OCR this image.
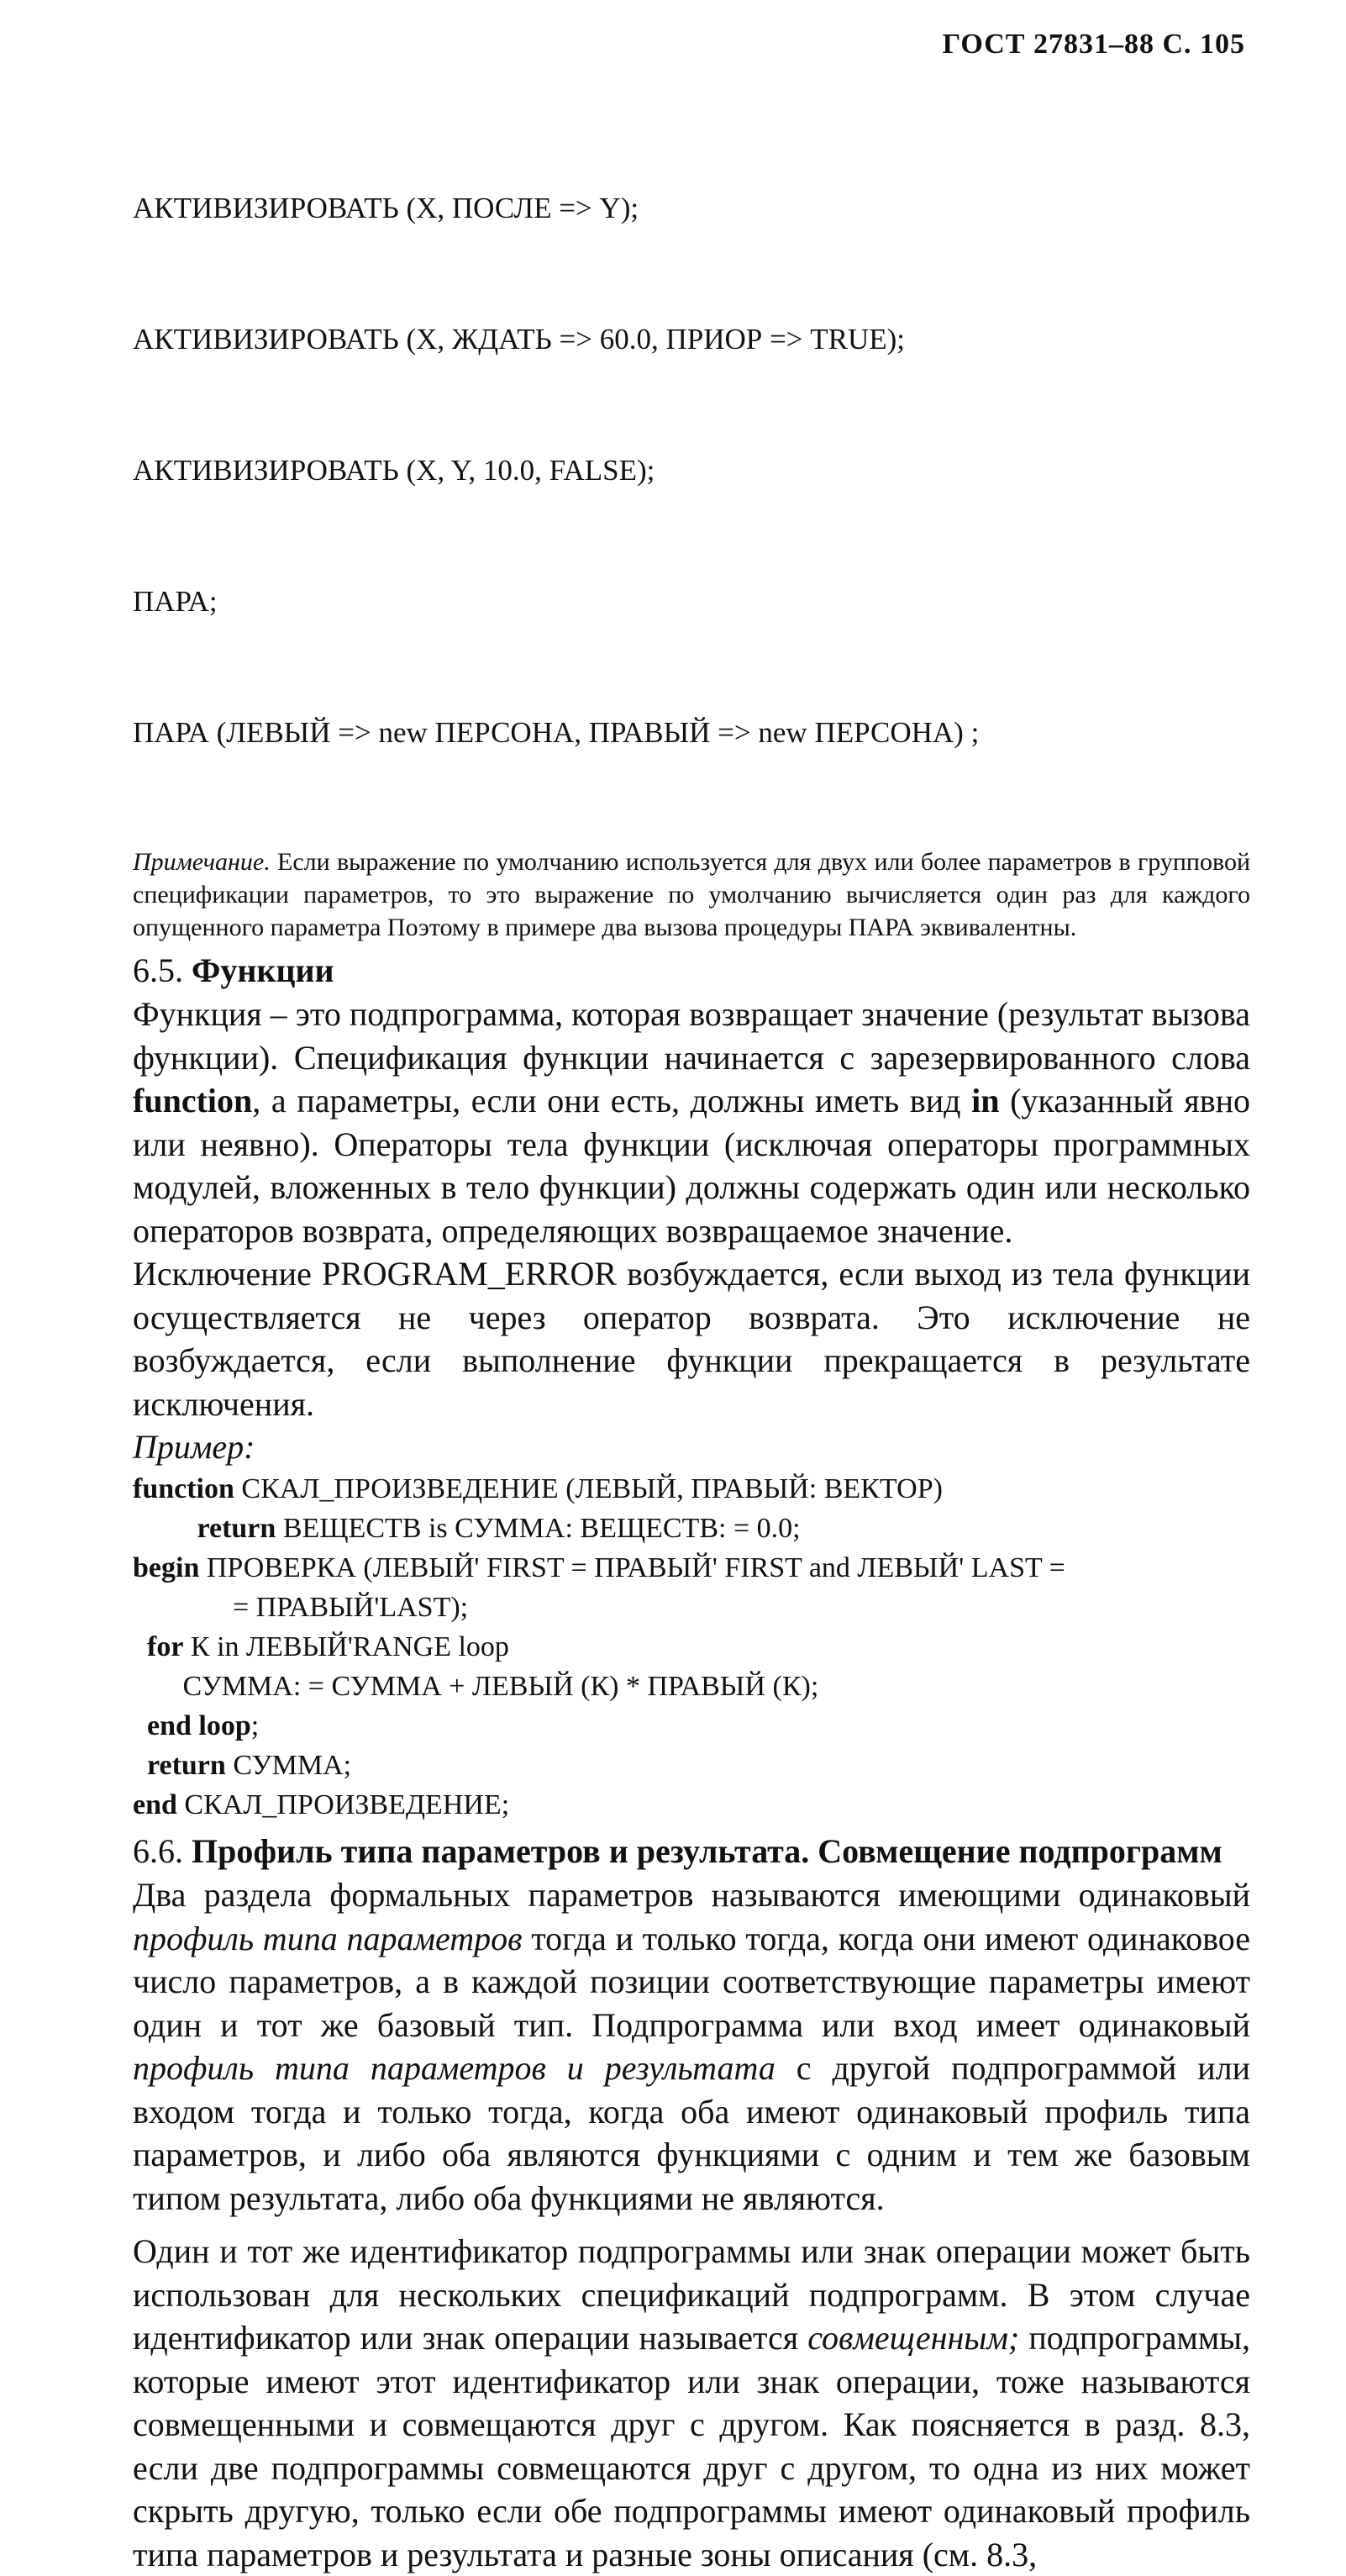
ГОСТ 27831–88 С. 105

АКТИВИЗИРОВАТЬ (X, ПОСЛЕ => Y);

АКТИВИЗИРОВАТЬ (X, ЖДАТЬ => 60.0, ПРИОР => TRUE);

АКТИВИЗИРОВАТЬ (X, Y, 10.0, FALSE);

ПАРА;

ПАРА (ЛЕВЫЙ => new ПЕРСОНА, ПРАВЫЙ => new ПЕРСОНА) ;

Примечание. Если выражение по умолчанию используется для двух или более параметров в групповой спецификации параметров, то это выражение по умолчанию вычисляется один раз для каждого опущенного параметра Поэтому в примере два вызова процедуры ПАРА эквивалентны.
6.5. Функции

Функция – это подпрограмма, которая возвращает значение (результат вызова функции). Спецификация функции начинается с зарезервированного слова function, а параметры, если они есть, должны иметь вид in (указанный явно или неявно). Операторы тела функции (исключая операторы программных модулей, вложенных в тело функции) должны содержать один или несколько операторов возврата, определяющих возвращаемое значение.

Исключение PROGRAM_ERROR возбуждается, если выход из тела функции осуществляется не через оператор возврата. Это исключение не возбуждается, если выполнение функции прекращается в результате исключения.

Пример:
function СКАЛ_ПРОИЗВЕДЕНИЕ (ЛЕВЫЙ, ПРАВЫЙ: ВЕКТОР)
return ВЕЩЕСТВ is СУММА: ВЕЩЕСТВ: = 0.0;
begin ПРОВЕРКА (ЛЕВЫЙ' FIRST = ПРАВЫЙ' FIRST and ЛЕВЫЙ' LAST =
= ПРАВЫЙ'LAST);
for К in ЛЕВЫЙ'RANGE loop
СУММА: = СУММА + ЛЕВЫЙ (К) * ПРАВЫЙ (К);
end loop;
return СУММА;
end СКАЛ_ПРОИЗВЕДЕНИЕ;
6.6. Профиль типа параметров и результата. Совмещение подпрограмм

Два раздела формальных параметров называются имеющими одинаковый профиль типа параметров тогда и только тогда, когда они имеют одинаковое число параметров, а в каждой позиции соответствующие параметры имеют один и тот же базовый тип. Подпрограмма или вход имеет одинаковый профиль типа параметров и результата с другой подпрограммой или входом тогда и только тогда, когда оба имеют одинаковый профиль типа параметров, и либо оба являются функциями с одним и тем же базовым типом результата, либо оба функциями не являются.

Один и тот же идентификатор подпрограммы или знак операции может быть использован для нескольких спецификаций подпрограмм. В этом случае идентификатор или знак операции называется совмещенным; подпрограммы, которые имеют этот идентификатор или знак операции, тоже называются совмещенными и совмещаются друг с другом. Как поясняется в разд. 8.3, если две подпрограммы совмещаются друг с другом, то одна из них может скрыть другую, только если обе подпрограммы имеют одинаковый профиль типа параметров и результата и разные зоны описания (см. 8.3,
